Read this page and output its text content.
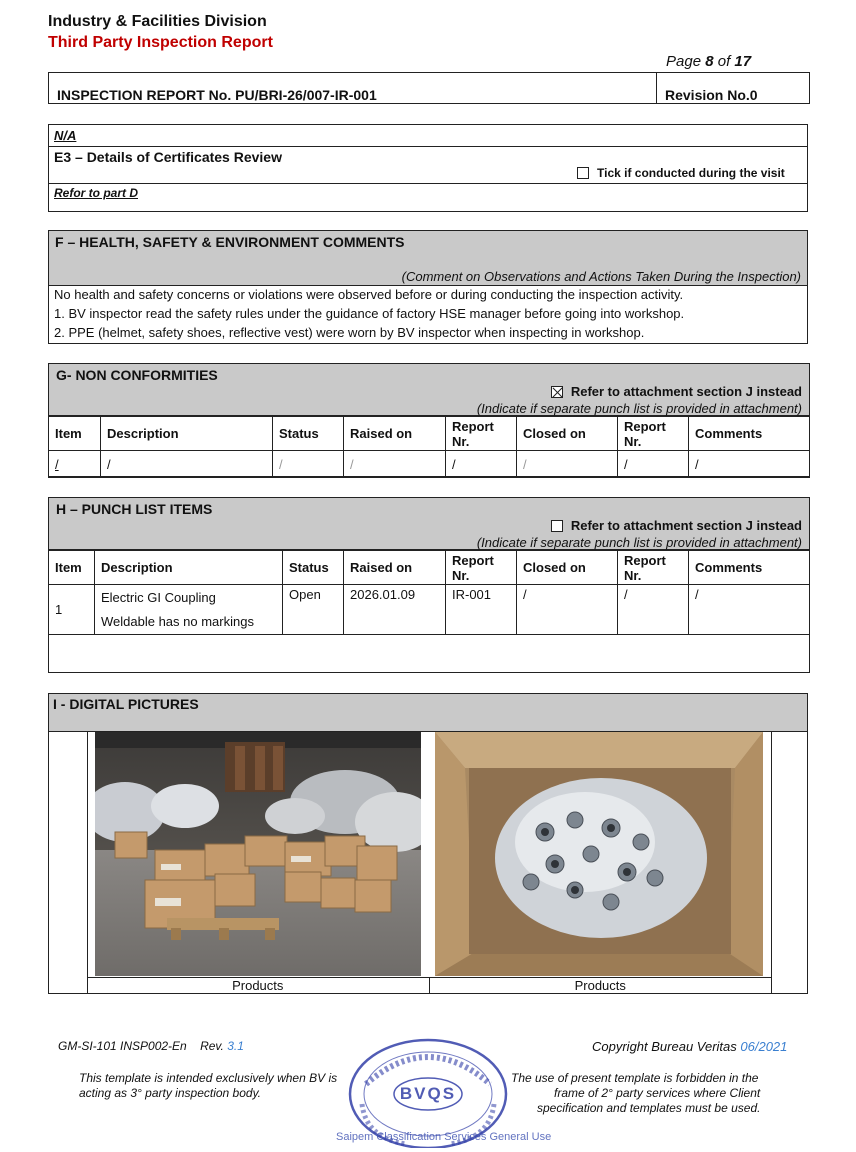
Industry & Facilities Division
Third Party Inspection Report
Page 8 of 17
INSPECTION REPORT No. PU/BRI-26/007-IR-001	Revision No.0
N/A
E3 – Details of Certificates Review
Tick if conducted during the visit
Refor to part D
F – HEALTH, SAFETY & ENVIRONMENT COMMENTS
(Comment on Observations and Actions Taken During the Inspection)
No health and safety concerns or violations were observed before or during conducting the inspection activity.
1. BV inspector read the safety rules under the guidance of factory HSE manager before going into workshop.
2. PPE (helmet, safety shoes, reflective vest) were worn by BV inspector when inspecting in workshop.
G- NON CONFORMITIES
Refer to attachment section J instead
(Indicate if separate punch list is provided in attachment)
Item	Description	Status	Raised on	Report
Nr.	Closed on	Report
Nr.	Comments
/	/	/	/	/	/	/	/
H – PUNCH LIST ITEMS
Refer to attachment section J instead
(Indicate if separate punch list is provided in attachment)
Item	Description	Status	Raised on	Report
Nr.	Closed on	Report
Nr.	Comments
1	Electric GI Coupling
Weldable has no markings	Open	2026.01.09	IR-001	/	/	/
I - DIGITAL PICTURES
Products	Products
GM-SI-101 INSP002-En Rev. 3.1	Copyright Bureau Veritas 06/2021
This template is intended exclusively when BV is
acting as 3° party inspection body.
The use of present template is forbidden in the
frame of 2° party services where Client
specification and templates must be used.
BVQS
Saipem Classification Services General Use
